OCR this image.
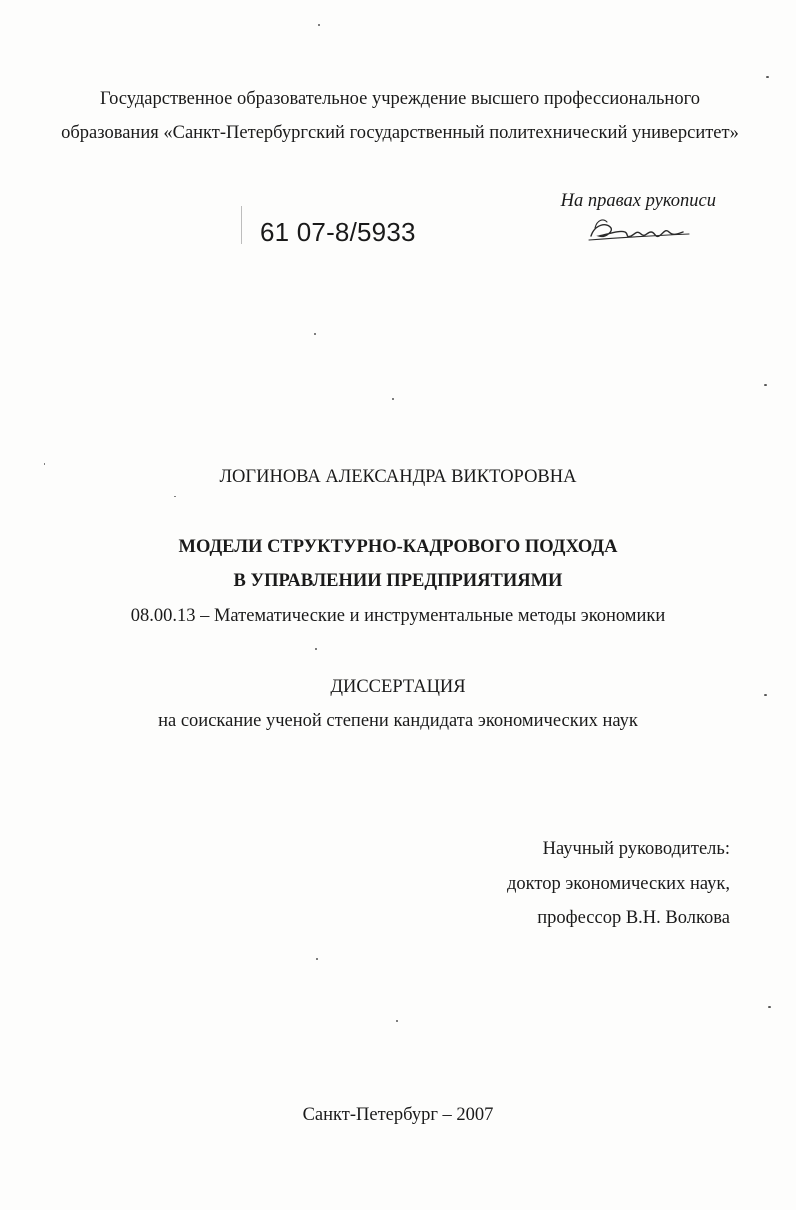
Государственное образовательное учреждение высшего профессионального
образования «Санкт-Петербургский государственный политехнический университет»
На правах рукописи
61 07-8/5933
ЛОГИНОВА АЛЕКСАНДРА ВИКТОРОВНА
МОДЕЛИ СТРУКТУРНО-КАДРОВОГО ПОДХОДА
В УПРАВЛЕНИИ ПРЕДПРИЯТИЯМИ
08.00.13 – Математические и инструментальные методы экономики
ДИССЕРТАЦИЯ
на соискание ученой степени кандидата экономических наук
Научный руководитель:
доктор экономических наук,
профессор В.Н. Волкова
Санкт-Петербург – 2007
